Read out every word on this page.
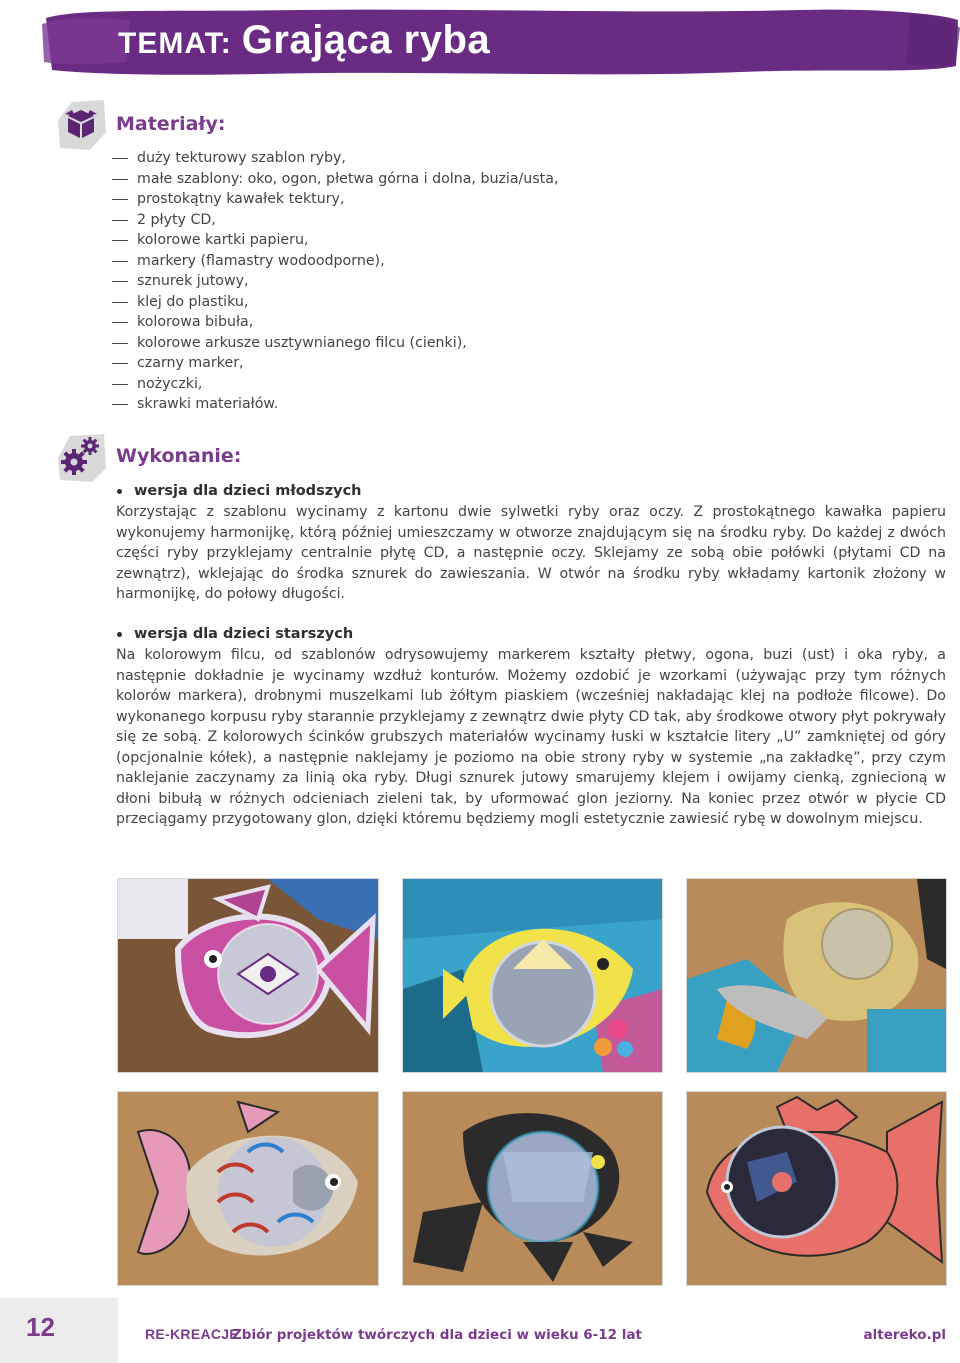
TEMAT: Grająca ryba
Materiały:
duży tekturowy szablon ryby,
małe szablony: oko, ogon, płetwa górna i dolna, buzia/usta,
prostokątny kawałek tektury,
2 płyty CD,
kolorowe kartki papieru,
markery (flamastry wodoodporne),
sznurek jutowy,
klej do plastiku,
kolorowa bibuła,
kolorowe arkusze usztywnianego filcu (cienki),
czarny marker,
nożyczki,
skrawki materiałów.
Wykonanie:
wersja dla dzieci młodszych

Korzystając z szablonu wycinamy z kartonu dwie sylwetki ryby oraz oczy. Z prostokątnego kawałka papieru wykonujemy harmonijkę, którą później umieszczamy w otworze znajdującym się na środku ryby. Do każdej z dwóch części ryby przyklejamy centralnie płytę CD, a następnie oczy. Sklejamy ze sobą obie połówki (płytami CD na zewnątrz), wklejając do środka sznurek do zawieszania. W otwór na środku ryby wkładamy kartonik złożony w harmonijkę, do połowy długości.

wersja dla dzieci starszych

Na kolorowym filcu, od szablonów odrysowujemy markerem kształty płetwy, ogona, buzi (ust) i oka ryby, a następnie dokładnie je wycinamy wzdłuż konturów. Możemy ozdobić je wzorkami (używając przy tym różnych kolorów markera), drobnymi muszelkami lub żółtym piaskiem (wcześniej nakładając klej na podłoże filcowe). Do wykonanego korpusu ryby starannie przyklejamy z zewnątrz dwie płyty CD tak, aby środkowe otwory płyt pokrywały się ze sobą. Z kolorowych ścinków grubszych materiałów wycinamy łuski w kształcie litery „U” zamkniętej od góry (opcjonalnie kółek), a następnie naklejamy je poziomo na obie strony ryby w systemie „na zakładkę”, przy czym naklejanie zaczynamy za linią oka ryby. Długi sznurek jutowy smarujemy klejem i owijamy cienką, zgniecioną w dłoni bibułą w różnych odcieniach zieleni tak, by uformować glon jeziorny. Na koniec przez otwór w płycie CD przeciągamy przygotowany glon, dzięki któremu będziemy mogli estetycznie zawiesić rybę w dowolnym miejscu.

12	RE-KREACJE
Zbiór projektów twórczych dla dzieci w wieku 6-12 lat	altereko.pl
